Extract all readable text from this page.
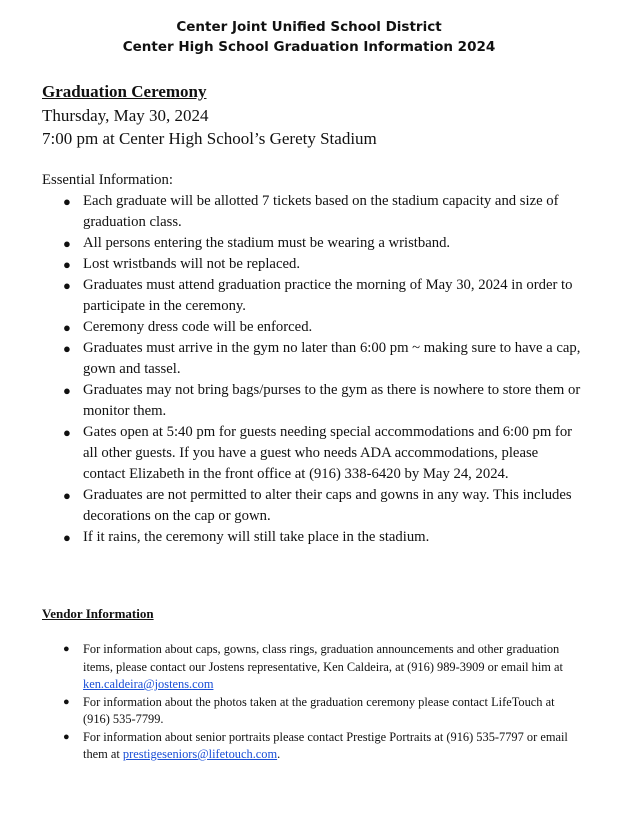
Center Joint Unified School District
Center High School Graduation Information 2024
Graduation Ceremony
Thursday, May 30, 2024
7:00 pm at Center High School’s Gerety Stadium
Essential Information:
● Each graduate will be allotted 7 tickets based on the stadium capacity and size of graduation class.
● All persons entering the stadium must be wearing a wristband.
● Lost wristbands will not be replaced.
● Graduates must attend graduation practice the morning of May 30, 2024 in order to participate in the ceremony.
● Ceremony dress code will be enforced.
● Graduates must arrive in the gym no later than 6:00 pm ~ making sure to have a cap, gown and tassel.
● Graduates may not bring bags/purses to the gym as there is nowhere to store them or monitor them.
● Gates open at 5:40 pm for guests needing special accommodations and 6:00 pm for all other guests. If you have a guest who needs ADA accommodations, please contact Elizabeth in the front office at (916) 338-6420 by May 24, 2024.
● Graduates are not permitted to alter their caps and gowns in any way. This includes decorations on the cap or gown.
● If it rains, the ceremony will still take place in the stadium.
Vendor Information
● For information about caps, gowns, class rings, graduation announcements and other graduation items, please contact our Jostens representative, Ken Caldeira, at (916) 989-3909 or email him at ken.caldeira@jostens.com
● For information about the photos taken at the graduation ceremony please contact LifeTouch at (916) 535-7799.
● For information about senior portraits please contact Prestige Portraits at (916) 535-7797 or email them at prestigeseniors@lifetouch.com.
